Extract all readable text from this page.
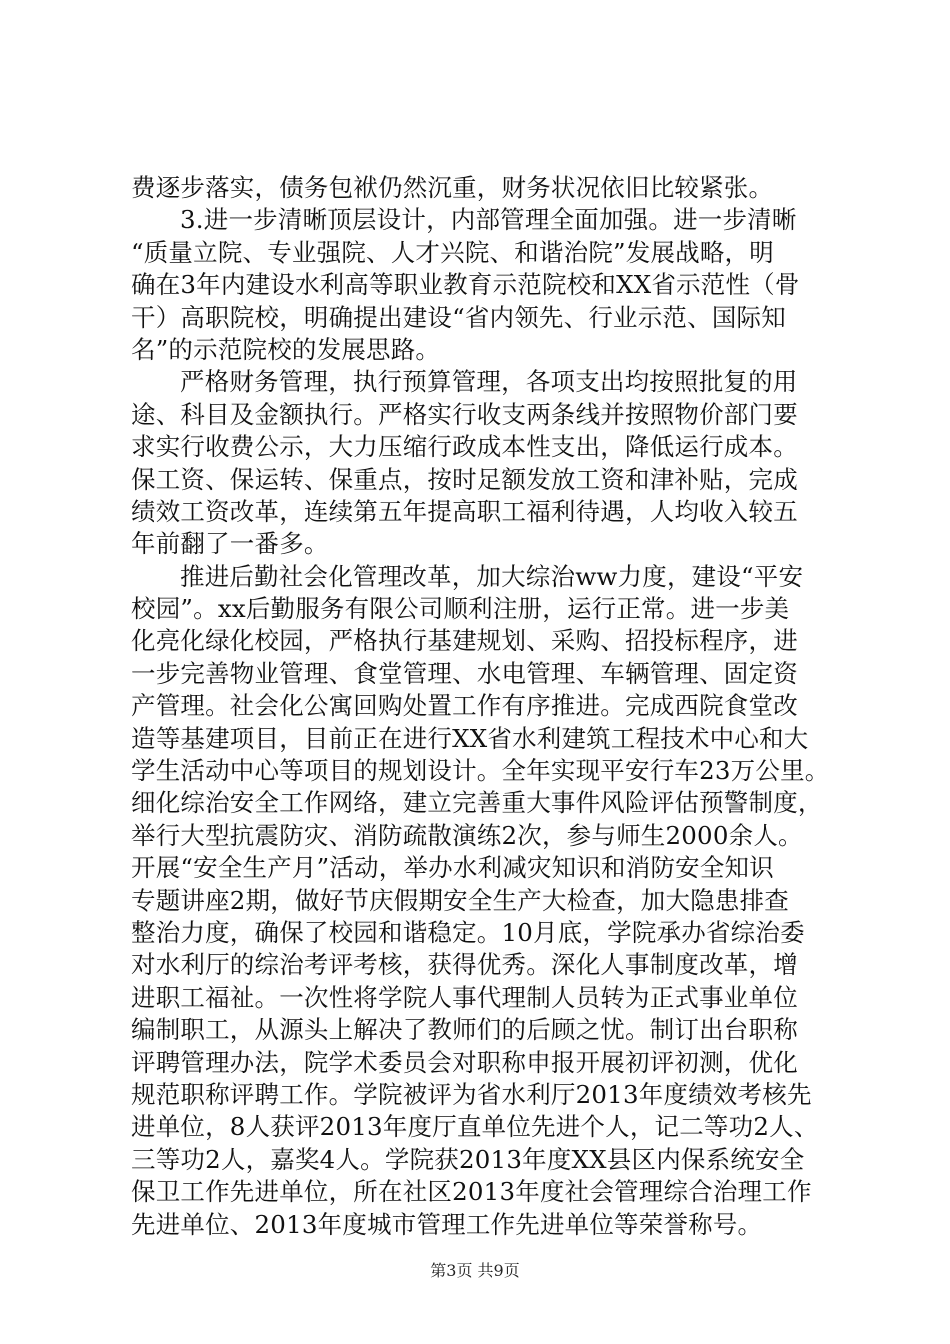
费逐步落实，债务包袱仍然沉重，财务状况依旧比较紧张。
3.进一步清晰顶层设计，内部管理全面加强。进一步清晰
“质量立院、专业强院、人才兴院、和谐治院”发展战略，明
确在3年内建设水利高等职业教育示范院校和XX省示范性（骨
干）高职院校，明确提出建设“省内领先、行业示范、国际知
名”的示范院校的发展思路。
严格财务管理，执行预算管理，各项支出均按照批复的用
途、科目及金额执行。严格实行收支两条线并按照物价部门要
求实行收费公示，大力压缩行政成本性支出，降低运行成本。
保工资、保运转、保重点，按时足额发放工资和津补贴，完成
绩效工资改革，连续第五年提高职工福利待遇，人均收入较五
年前翻了一番多。
推进后勤社会化管理改革，加大综治ww力度，建设“平安
校园”。xx后勤服务有限公司顺利注册，运行正常。进一步美
化亮化绿化校园，严格执行基建规划、采购、招投标程序，进
一步完善物业管理、食堂管理、水电管理、车辆管理、固定资
产管理。社会化公寓回购处置工作有序推进。完成西院食堂改
造等基建项目，目前正在进行XX省水利建筑工程技术中心和大
学生活动中心等项目的规划设计。全年实现平安行车23万公里。
细化综治安全工作网络，建立完善重大事件风险评估预警制度，
举行大型抗震防灾、消防疏散演练2次，参与师生2000余人。
开展“安全生产月”活动，举办水利减灾知识和消防安全知识
专题讲座2期，做好节庆假期安全生产大检查，加大隐患排查
整治力度，确保了校园和谐稳定。10月底，学院承办省综治委
对水利厅的综治考评考核，获得优秀。深化人事制度改革，增
进职工福祉。一次性将学院人事代理制人员转为正式事业单位
编制职工，从源头上解决了教师们的后顾之忧。制订出台职称
评聘管理办法，院学术委员会对职称申报开展初评初测，优化
规范职称评聘工作。学院被评为省水利厅2013年度绩效考核先
进单位，8人获评2013年度厅直单位先进个人，记二等功2人、
三等功2人，嘉奖4人。学院获2013年度XX县区内保系统安全
保卫工作先进单位，所在社区2013年度社会管理综合治理工作
先进单位、2013年度城市管理工作先进单位等荣誉称号。
第3页 共9页
